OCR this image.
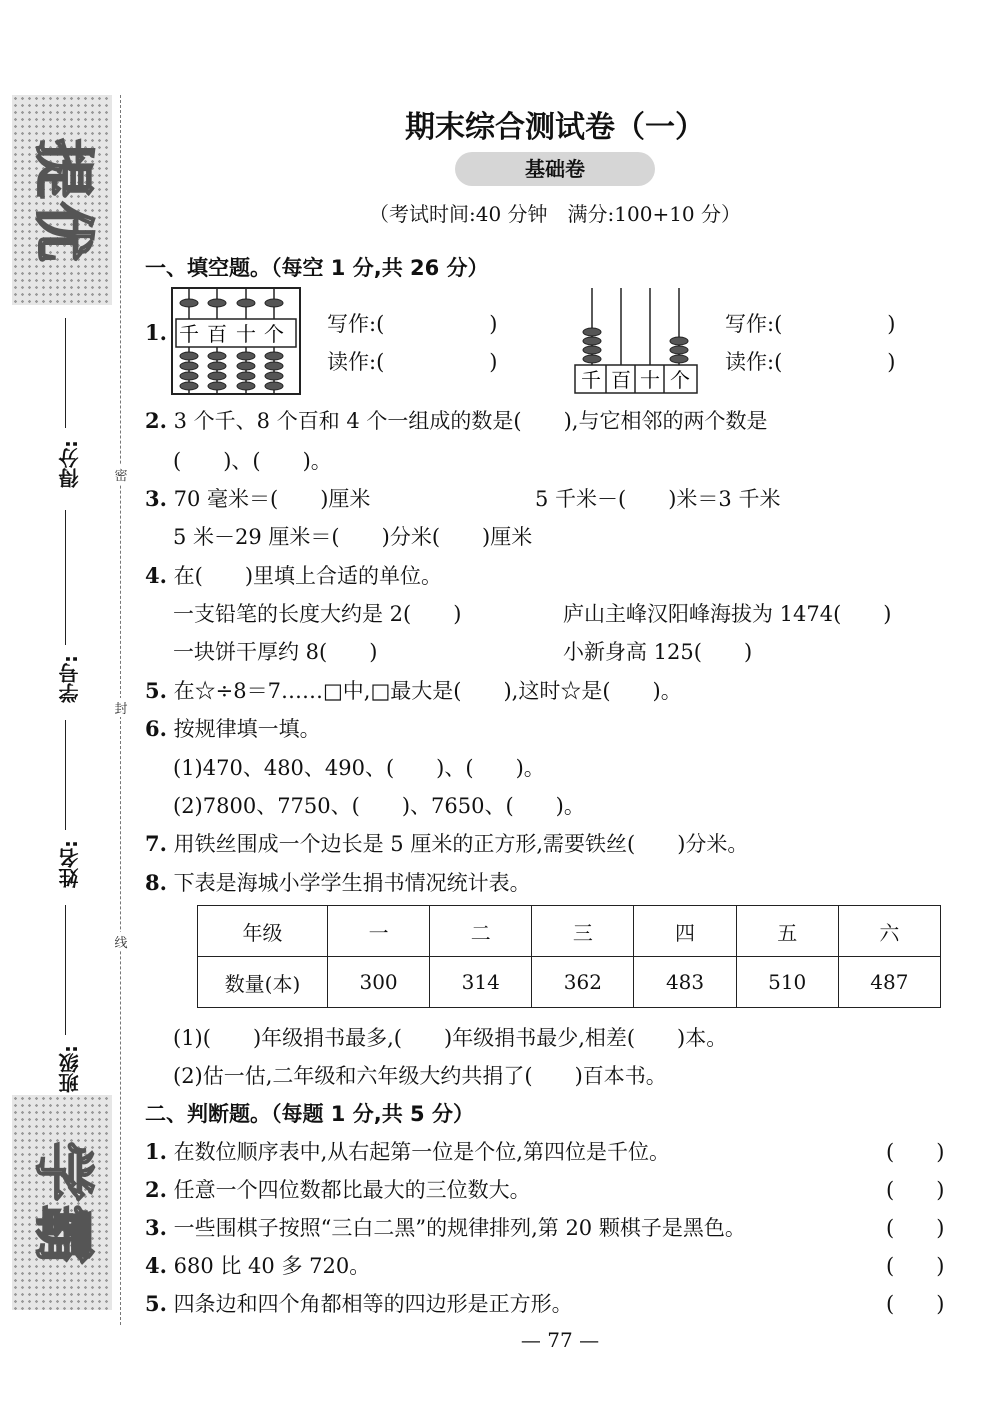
提
优
得分:
学号:
姓名:
班级:
学
霸
密
封
线
期末综合测试卷（一）
基础卷
（考试时间:40 分钟　满分:100+10 分）
一、填空题。（每空 1 分,共 26 分）
1. 千 百 十 个 写作:(　　　　　)
读作:(　　　　　)
千 百 十 个
写作:(　　　　　)
读作:(　　　　　)
2. 3 个千、8 个百和 4 个一组成的数是(　　),与它相邻的两个数是
(　　)、(　　)。
3. 70 毫米＝(　　)厘米	5 千米－(　　)米＝3 千米
5 米－29 厘米＝(　　)分米(　　)厘米
4. 在(　　)里填上合适的单位。
一支铅笔的长度大约是 2(　　)	庐山主峰汉阳峰海拔为 1474(　　)
一块饼干厚约 8(　　)	小新身高 125(　　)
5. 在☆÷8＝7……□中,□最大是(　　),这时☆是(　　)。
6. 按规律填一填。
(1)470、480、490、(　　)、(　　)。
(2)7800、7750、(　　)、7650、(　　)。
7. 用铁丝围成一个边长是 5 厘米的正方形,需要铁丝(　　)分米。
8. 下表是海城小学学生捐书情况统计表。
年级	一	二	三	四	五	六
数量(本)	300	314	362	483	510	487
(1)(　　)年级捐书最多,(　　)年级捐书最少,相差(　　)本。
(2)估一估,二年级和六年级大约共捐了(　　)百本书。
二、判断题。（每题 1 分,共 5 分）
1. 在数位顺序表中,从右起第一位是个位,第四位是千位。	(　　)
2. 任意一个四位数都比最大的三位数大。	(　　)
3. 一些围棋子按照“三白二黑”的规律排列,第 20 颗棋子是黑色。	(　　)
4. 680 比 40 多 720。	(　　)
5. 四条边和四个角都相等的四边形是正方形。	(　　)
— 77 —
